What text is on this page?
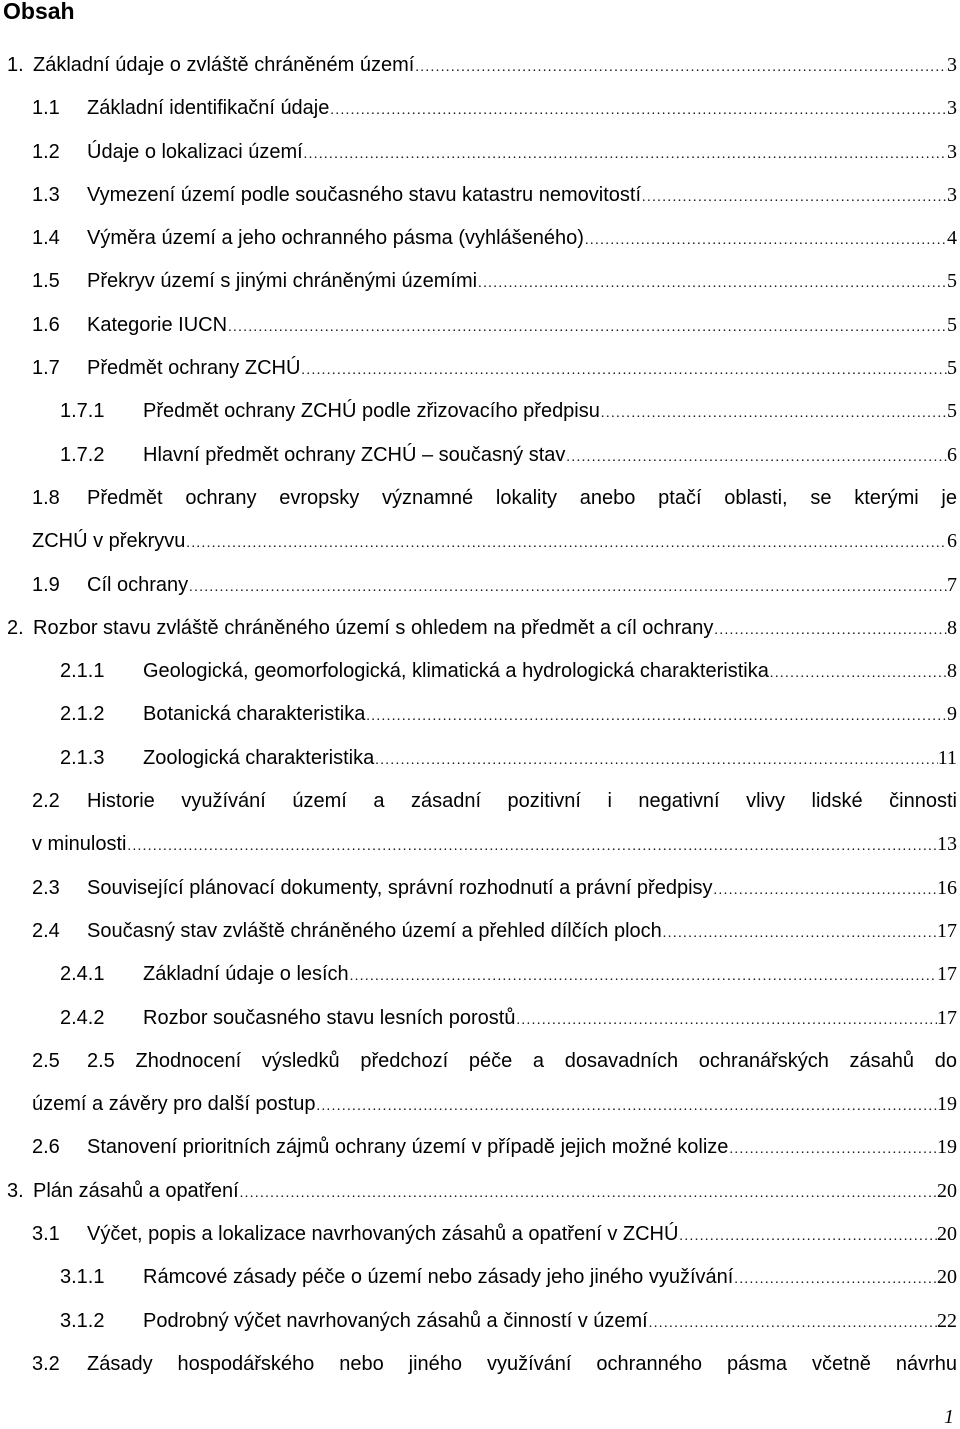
Obsah
1. Základní údaje o zvláště chráněném území .....	3
1.1	Základní identifikační údaje .....	3
1.2	Údaje o lokalizaci území .....	3
1.3	Vymezení území podle současného stavu katastru nemovitostí .....	3
1.4	Výměra území a jeho ochranného pásma (vyhlášeného) .....	4
1.5	Překryv území s jinými chráněnými územími .....	5
1.6	Kategorie IUCN .....	5
1.7	Předmět ochrany ZCHÚ .....	5
1.7.1	Předmět ochrany ZCHÚ podle zřizovacího předpisu .....	5
1.7.2	Hlavní předmět ochrany ZCHÚ – současný stav .....	6
1.8	Předmět ochrany evropsky významné lokality anebo ptačí oblasti, se kterými je
ZCHÚ v překryvu .....	6
1.9	Cíl ochrany .....	7
2. Rozbor stavu zvláště chráněného území s ohledem na předmět a cíl ochrany .....	8
2.1.1	Geologická, geomorfologická, klimatická a hydrologická charakteristika .....	8
2.1.2	Botanická charakteristika .....	9
2.1.3	Zoologická charakteristika .....	11
2.2	Historie využívání území a zásadní pozitivní i negativní vlivy lidské činnosti
v minulosti .....	13
2.3	Související plánovací dokumenty, správní rozhodnutí a právní předpisy .....	16
2.4	Současný stav zvláště chráněného území a přehled dílčích ploch .....	17
2.4.1	Základní údaje o lesích .....	17
2.4.2	Rozbor současného stavu lesních porostů .....	17
2.5	2.5 Zhodnocení výsledků předchozí péče a dosavadních ochranářských zásahů do
území a závěry pro další postup .....	19
2.6	Stanovení prioritních zájmů ochrany území v případě jejich možné kolize .....	19
3. Plán zásahů a opatření .....	20
3.1	Výčet, popis a lokalizace navrhovaných zásahů a opatření v ZCHÚ .....	20
3.1.1	Rámcové zásady péče o území nebo zásady jeho jiného využívání .....	20
3.1.2	Podrobný výčet navrhovaných zásahů a činností v území .....	22
3.2	Zásady hospodářského nebo jiného využívání ochranného pásma včetně návrhu
1
